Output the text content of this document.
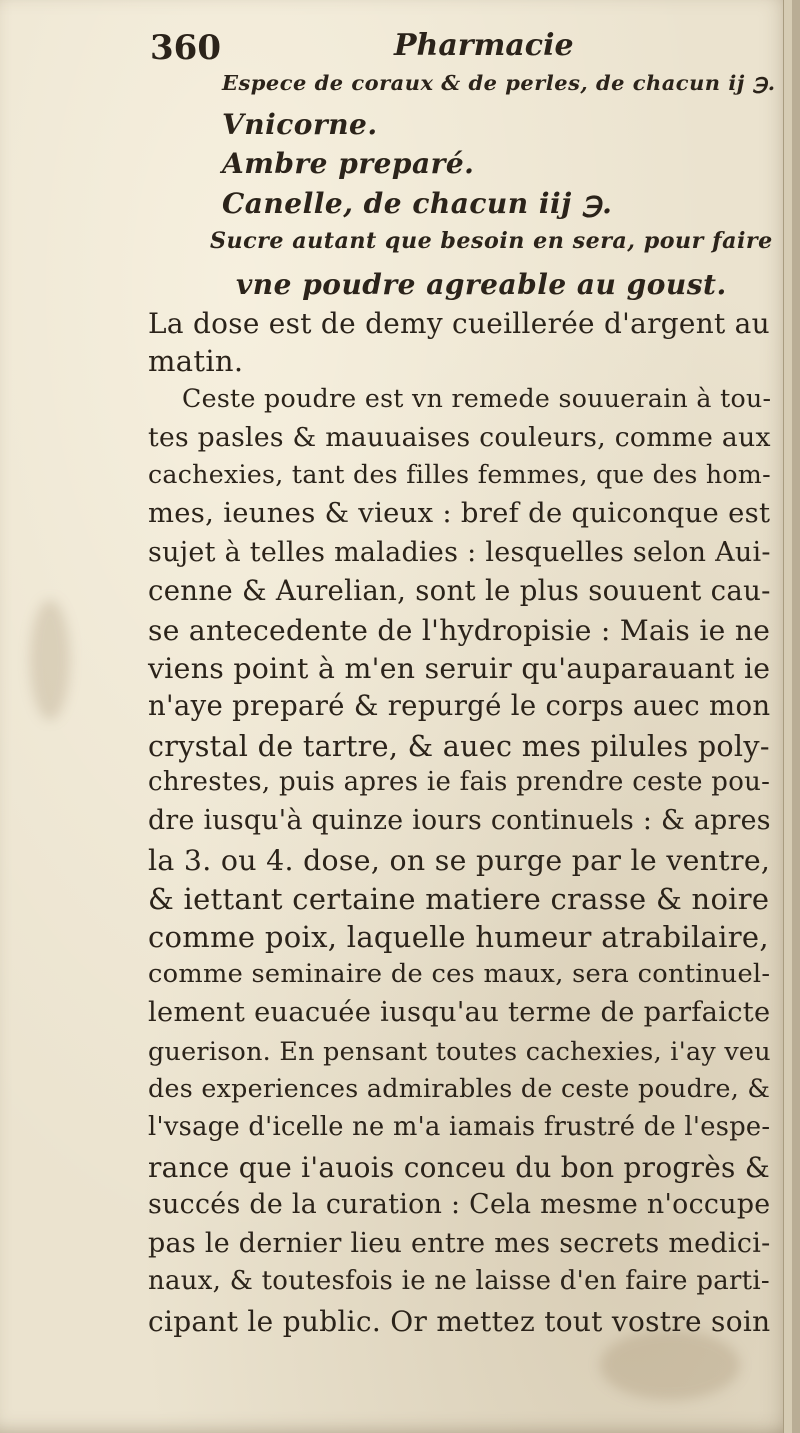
360	Pharmacie
Espece de coraux & de perles, de chacun ij ℈.
Vnicorne.
Ambre preparé.
Canelle, de chacun iij ℈.
Sucre autant que besoin en sera, pour faire
vne poudre agreable au goust.
La dose est de demy cueillerée d'argent au
matin.
Ceste poudre est vn remede souuerain à tou-
tes pasles & mauuaises couleurs, comme aux
cachexies, tant des filles femmes, que des hom-
mes, ieunes & vieux : bref de quiconque est
sujet à telles maladies : lesquelles selon Aui-
cenne & Aurelian, sont le plus souuent cau-
se antecedente de l'hydropisie : Mais ie ne
viens point à m'en seruir qu'auparauant ie
n'aye preparé & repurgé le corps auec mon
crystal de tartre, & auec mes pilules poly-
chrestes, puis apres ie fais prendre ceste pou-
dre iusqu'à quinze iours continuels : & apres
la 3. ou 4. dose, on se purge par le ventre,
& iettant certaine matiere crasse & noire
comme poix, laquelle humeur atrabilaire,
comme seminaire de ces maux, sera continuel-
lement euacuée iusqu'au terme de parfaicte
guerison. En pensant toutes cachexies, i'ay veu
des experiences admirables de ceste poudre, &
l'vsage d'icelle ne m'a iamais frustré de l'espe-
rance que i'auois conceu du bon progrès &
succés de la curation : Cela mesme n'occupe
pas le dernier lieu entre mes secrets medici-
naux, & toutesfois ie ne laisse d'en faire parti-
cipant le public. Or mettez tout vostre soin
